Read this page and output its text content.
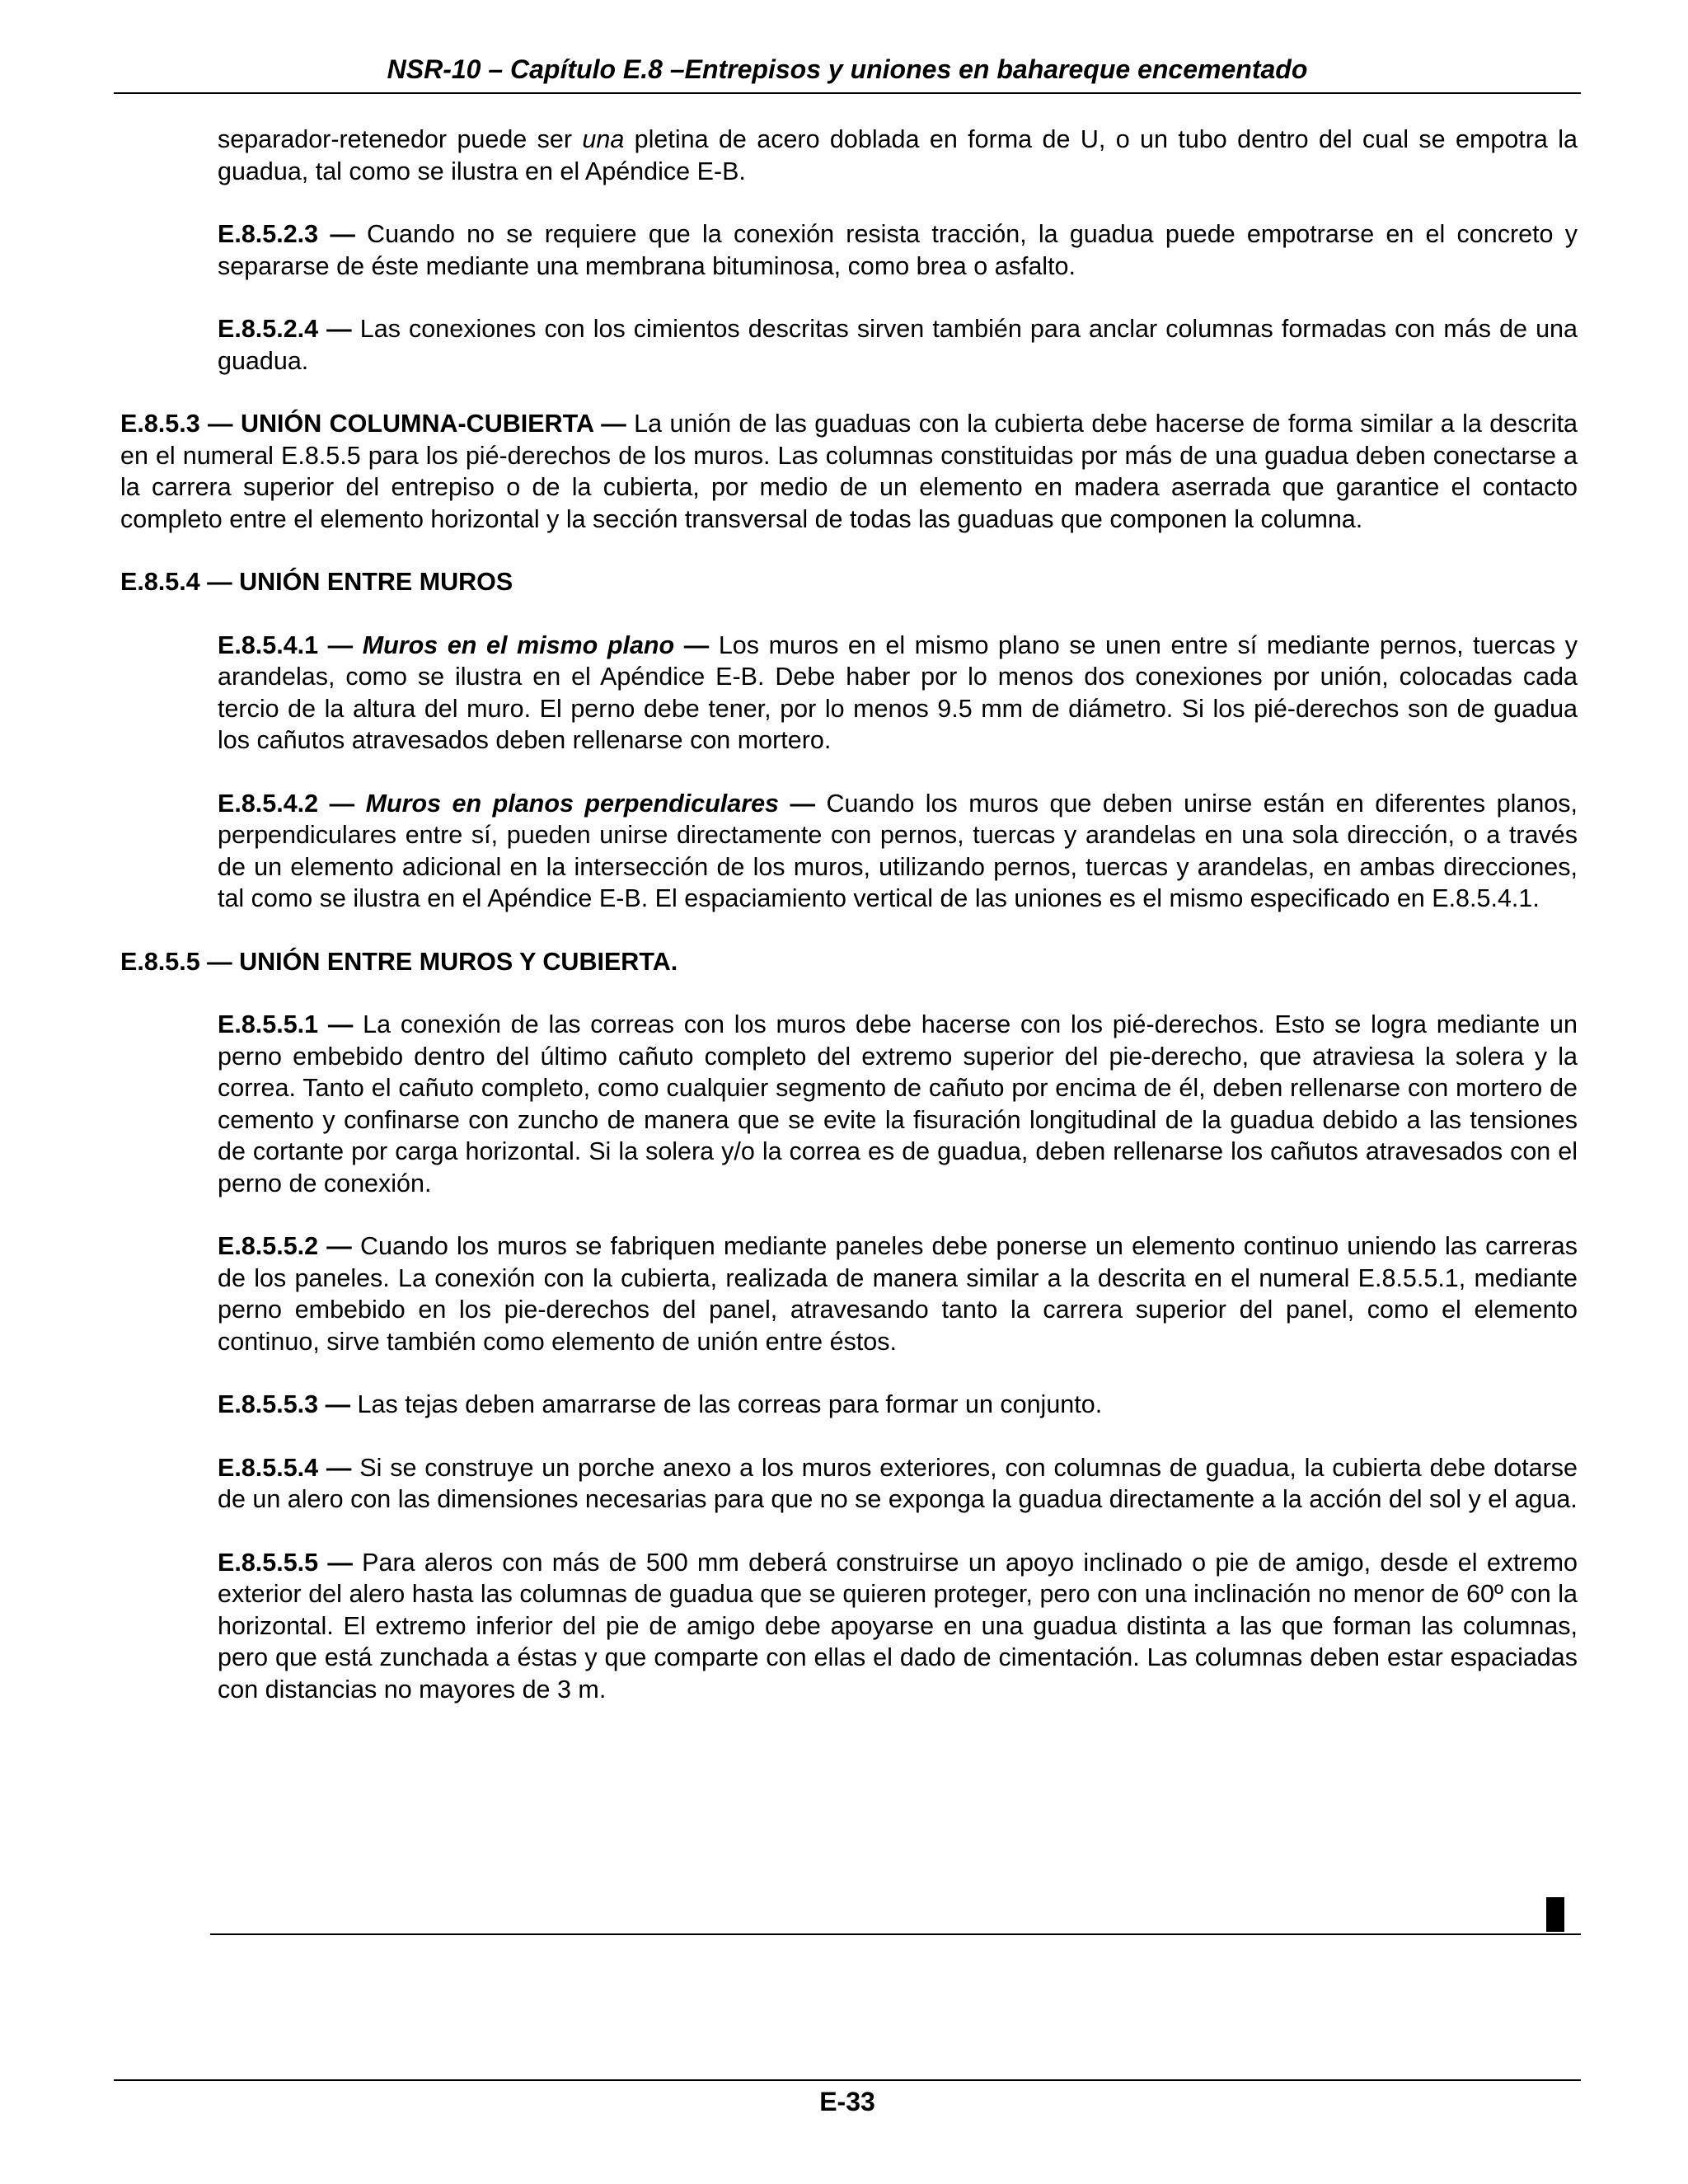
NSR-10 – Capítulo E.8 –Entrepisos y uniones en bahareque encementado

separador-retenedor puede ser una pletina de acero doblada en forma de U, o un tubo dentro del cual se empotra la guadua, tal como se ilustra en el Apéndice E-B.

E.8.5.2.3 — Cuando no se requiere que la conexión resista tracción, la guadua puede empotrarse en el concreto y separarse de éste mediante una membrana bituminosa, como brea o asfalto.

E.8.5.2.4 — Las conexiones con los cimientos descritas sirven también para anclar columnas formadas con más de una guadua.

E.8.5.3 — UNIÓN COLUMNA-CUBIERTA — La unión de las guaduas con la cubierta debe hacerse de forma similar a la descrita en el numeral E.8.5.5 para los pié-derechos de los muros. Las columnas constituidas por más de una guadua deben conectarse a la carrera superior del entrepiso o de la cubierta, por medio de un elemento en madera aserrada que garantice el contacto completo entre el elemento horizontal y la sección transversal de todas las guaduas que componen la columna.

E.8.5.4 — UNIÓN ENTRE MUROS

E.8.5.4.1 — Muros en el mismo plano — Los muros en el mismo plano se unen entre sí mediante pernos, tuercas y arandelas, como se ilustra en el Apéndice E-B. Debe haber por lo menos dos conexiones por unión, colocadas cada tercio de la altura del muro. El perno debe tener, por lo menos 9.5 mm de diámetro. Si los pié-derechos son de guadua los cañutos atravesados deben rellenarse con mortero.

E.8.5.4.2 — Muros en planos perpendiculares — Cuando los muros que deben unirse están en diferentes planos, perpendiculares entre sí, pueden unirse directamente con pernos, tuercas y arandelas en una sola dirección, o a través de un elemento adicional en la intersección de los muros, utilizando pernos, tuercas y arandelas, en ambas direcciones, tal como se ilustra en el Apéndice E-B. El espaciamiento vertical de las uniones es el mismo especificado en E.8.5.4.1.

E.8.5.5 — UNIÓN ENTRE MUROS Y CUBIERTA.

E.8.5.5.1 — La conexión de las correas con los muros debe hacerse con los pié-derechos. Esto se logra mediante un perno embebido dentro del último cañuto completo del extremo superior del pie-derecho, que atraviesa la solera y la correa. Tanto el cañuto completo, como cualquier segmento de cañuto por encima de él, deben rellenarse con mortero de cemento y confinarse con zuncho de manera que se evite la fisuración longitudinal de la guadua debido a las tensiones de cortante por carga horizontal. Si la solera y/o la correa es de guadua, deben rellenarse los cañutos atravesados con el perno de conexión.

E.8.5.5.2 — Cuando los muros se fabriquen mediante paneles debe ponerse un elemento continuo uniendo las carreras de los paneles. La conexión con la cubierta, realizada de manera similar a la descrita en el numeral E.8.5.5.1, mediante perno embebido en los pie-derechos del panel, atravesando tanto la carrera superior del panel, como el elemento continuo, sirve también como elemento de unión entre éstos.

E.8.5.5.3 — Las tejas deben amarrarse de las correas para formar un conjunto.

E.8.5.5.4 — Si se construye un porche anexo a los muros exteriores, con columnas de guadua, la cubierta debe dotarse de un alero con las dimensiones necesarias para que no se exponga la guadua directamente a la acción del sol y el agua.

E.8.5.5.5 — Para aleros con más de 500 mm deberá construirse un apoyo inclinado o pie de amigo, desde el extremo exterior del alero hasta las columnas de guadua que se quieren proteger, pero con una inclinación no menor de 60º con la horizontal. El extremo inferior del pie de amigo debe apoyarse en una guadua distinta a las que forman las columnas, pero que está zunchada a éstas y que comparte con ellas el dado de cimentación. Las columnas deben estar espaciadas con distancias no mayores de 3 m.

E-33
